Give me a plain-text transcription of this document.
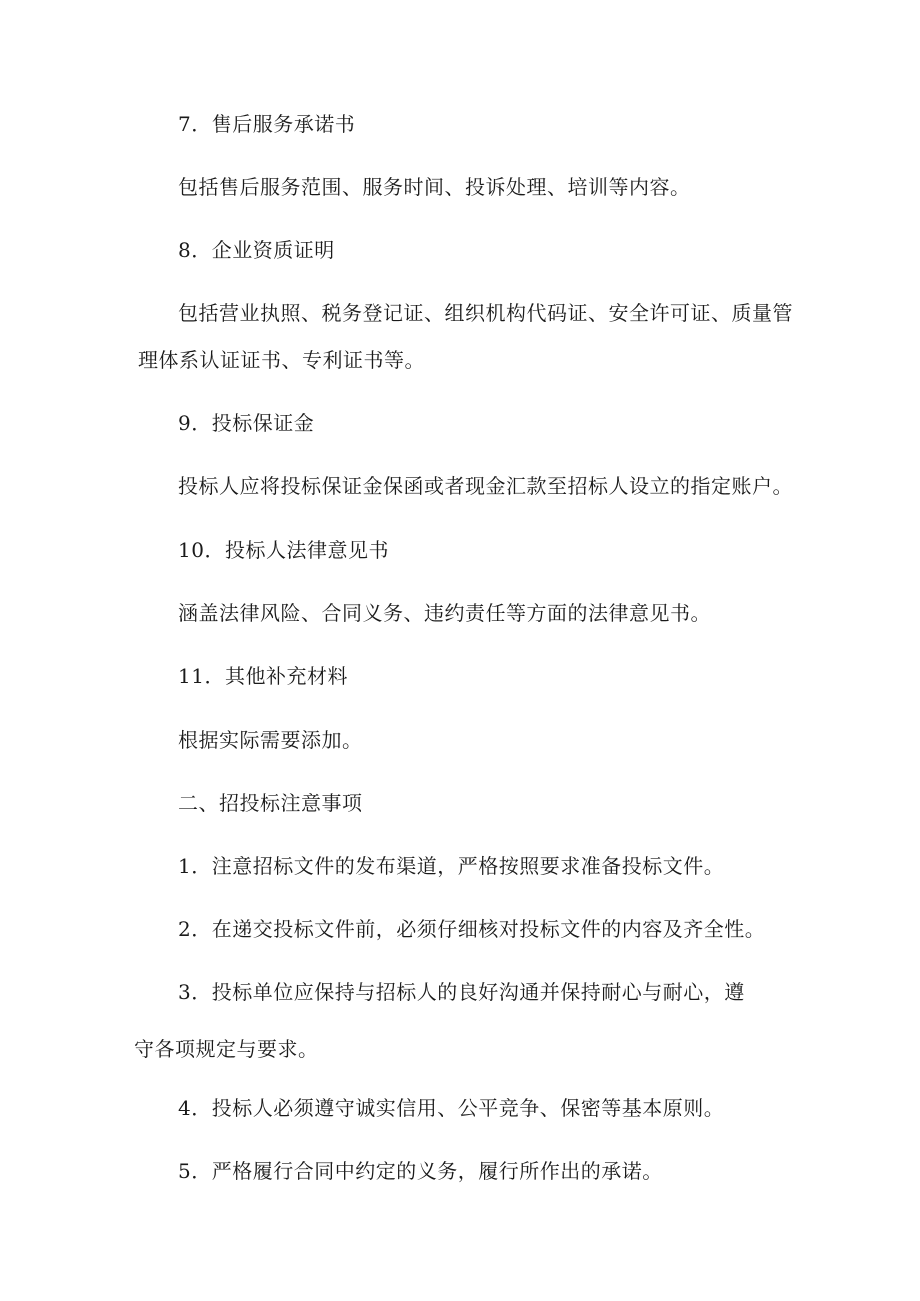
7．售后服务承诺书
包括售后服务范围、服务时间、投诉处理、培训等内容。
8．企业资质证明
包括营业执照、税务登记证、组织机构代码证、安全许可证、质量管
理体系认证证书、专利证书等。
9．投标保证金
投标人应将投标保证金保函或者现金汇款至招标人设立的指定账户。
10．投标人法律意见书
涵盖法律风险、合同义务、违约责任等方面的法律意见书。
11．其他补充材料
根据实际需要添加。
二、招投标注意事项
1．注意招标文件的发布渠道，严格按照要求准备投标文件。
2．在递交投标文件前，必须仔细核对投标文件的内容及齐全性。
3．投标单位应保持与招标人的良好沟通并保持耐心与耐心，遵
守各项规定与要求。
4．投标人必须遵守诚实信用、公平竞争、保密等基本原则。
5．严格履行合同中约定的义务，履行所作出的承诺。
